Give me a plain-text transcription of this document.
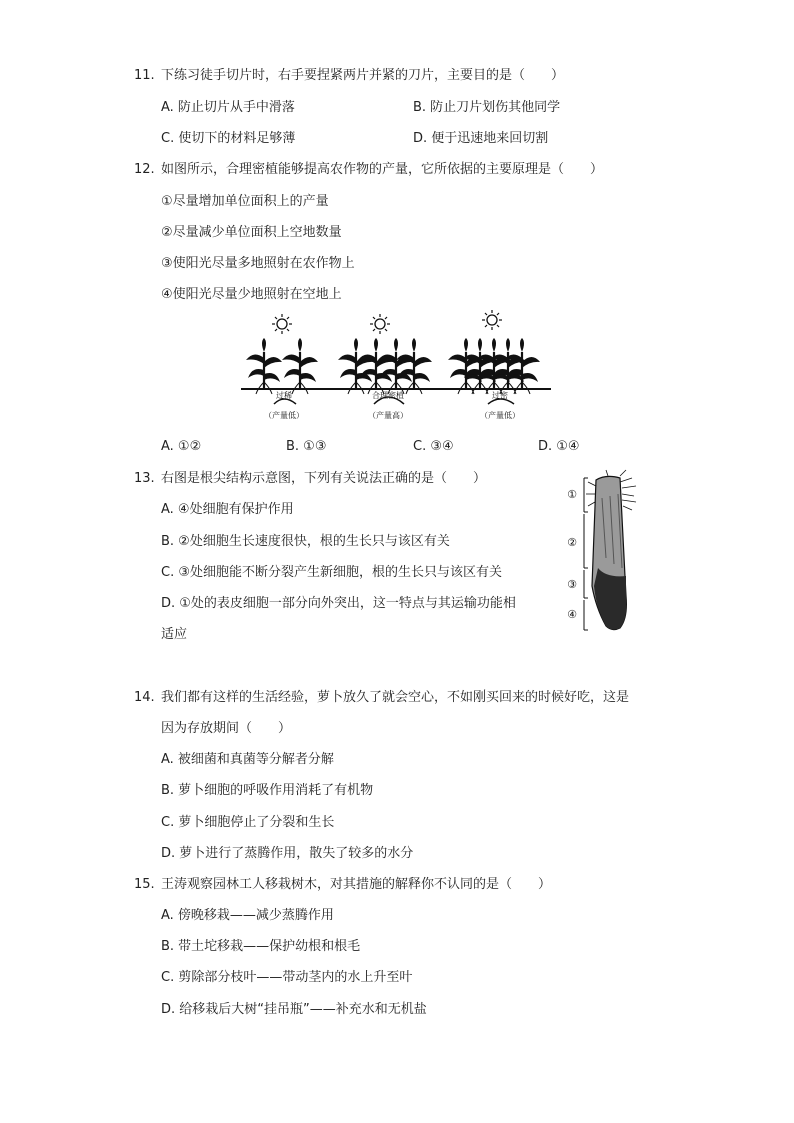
11. 下练习徒手切片时，右手要捏紧两片并紧的刀片，主要目的是（　　）
A. 防止切片从手中滑落	B. 防止刀片划伤其他同学
C. 使切下的材料足够薄	D. 便于迅速地来回切割
12. 如图所示，合理密植能够提高农作物的产量，它所依据的主要原理是（　　）
①尽量增加单位面积上的产量
②尽量减少单位面积上空地数量
③使阳光尽量多地照射在农作物上
④使阳光尽量少地照射在空地上
过稀	合理密植	过密
（产量低）	（产量高）	（产量低）
A. ①②	B. ①③	C. ③④	D. ①④
13. 右图是根尖结构示意图，下列有关说法正确的是（　　）
A. ④处细胞有保护作用
B. ②处细胞生长速度很快，根的生长只与该区有关
C. ③处细胞能不断分裂产生新细胞，根的生长只与该区有关
D. ①处的表皮细胞一部分向外突出，这一特点与其运输功能相
适应
①
②
③
④
14. 我们都有这样的生活经验，萝卜放久了就会空心，不如刚买回来的时候好吃，这是
因为存放期间（　　）
A. 被细菌和真菌等分解者分解
B. 萝卜细胞的呼吸作用消耗了有机物
C. 萝卜细胞停止了分裂和生长
D. 萝卜进行了蒸腾作用，散失了较多的水分
15. 王涛观察园林工人移栽树木，对其措施的解释你不认同的是（　　）
A. 傍晚移栽——减少蒸腾作用
B. 带土坨移栽——保护幼根和根毛
C. 剪除部分枝叶——带动茎内的水上升至叶
D. 给移栽后大树“挂吊瓶”——补充水和无机盐
